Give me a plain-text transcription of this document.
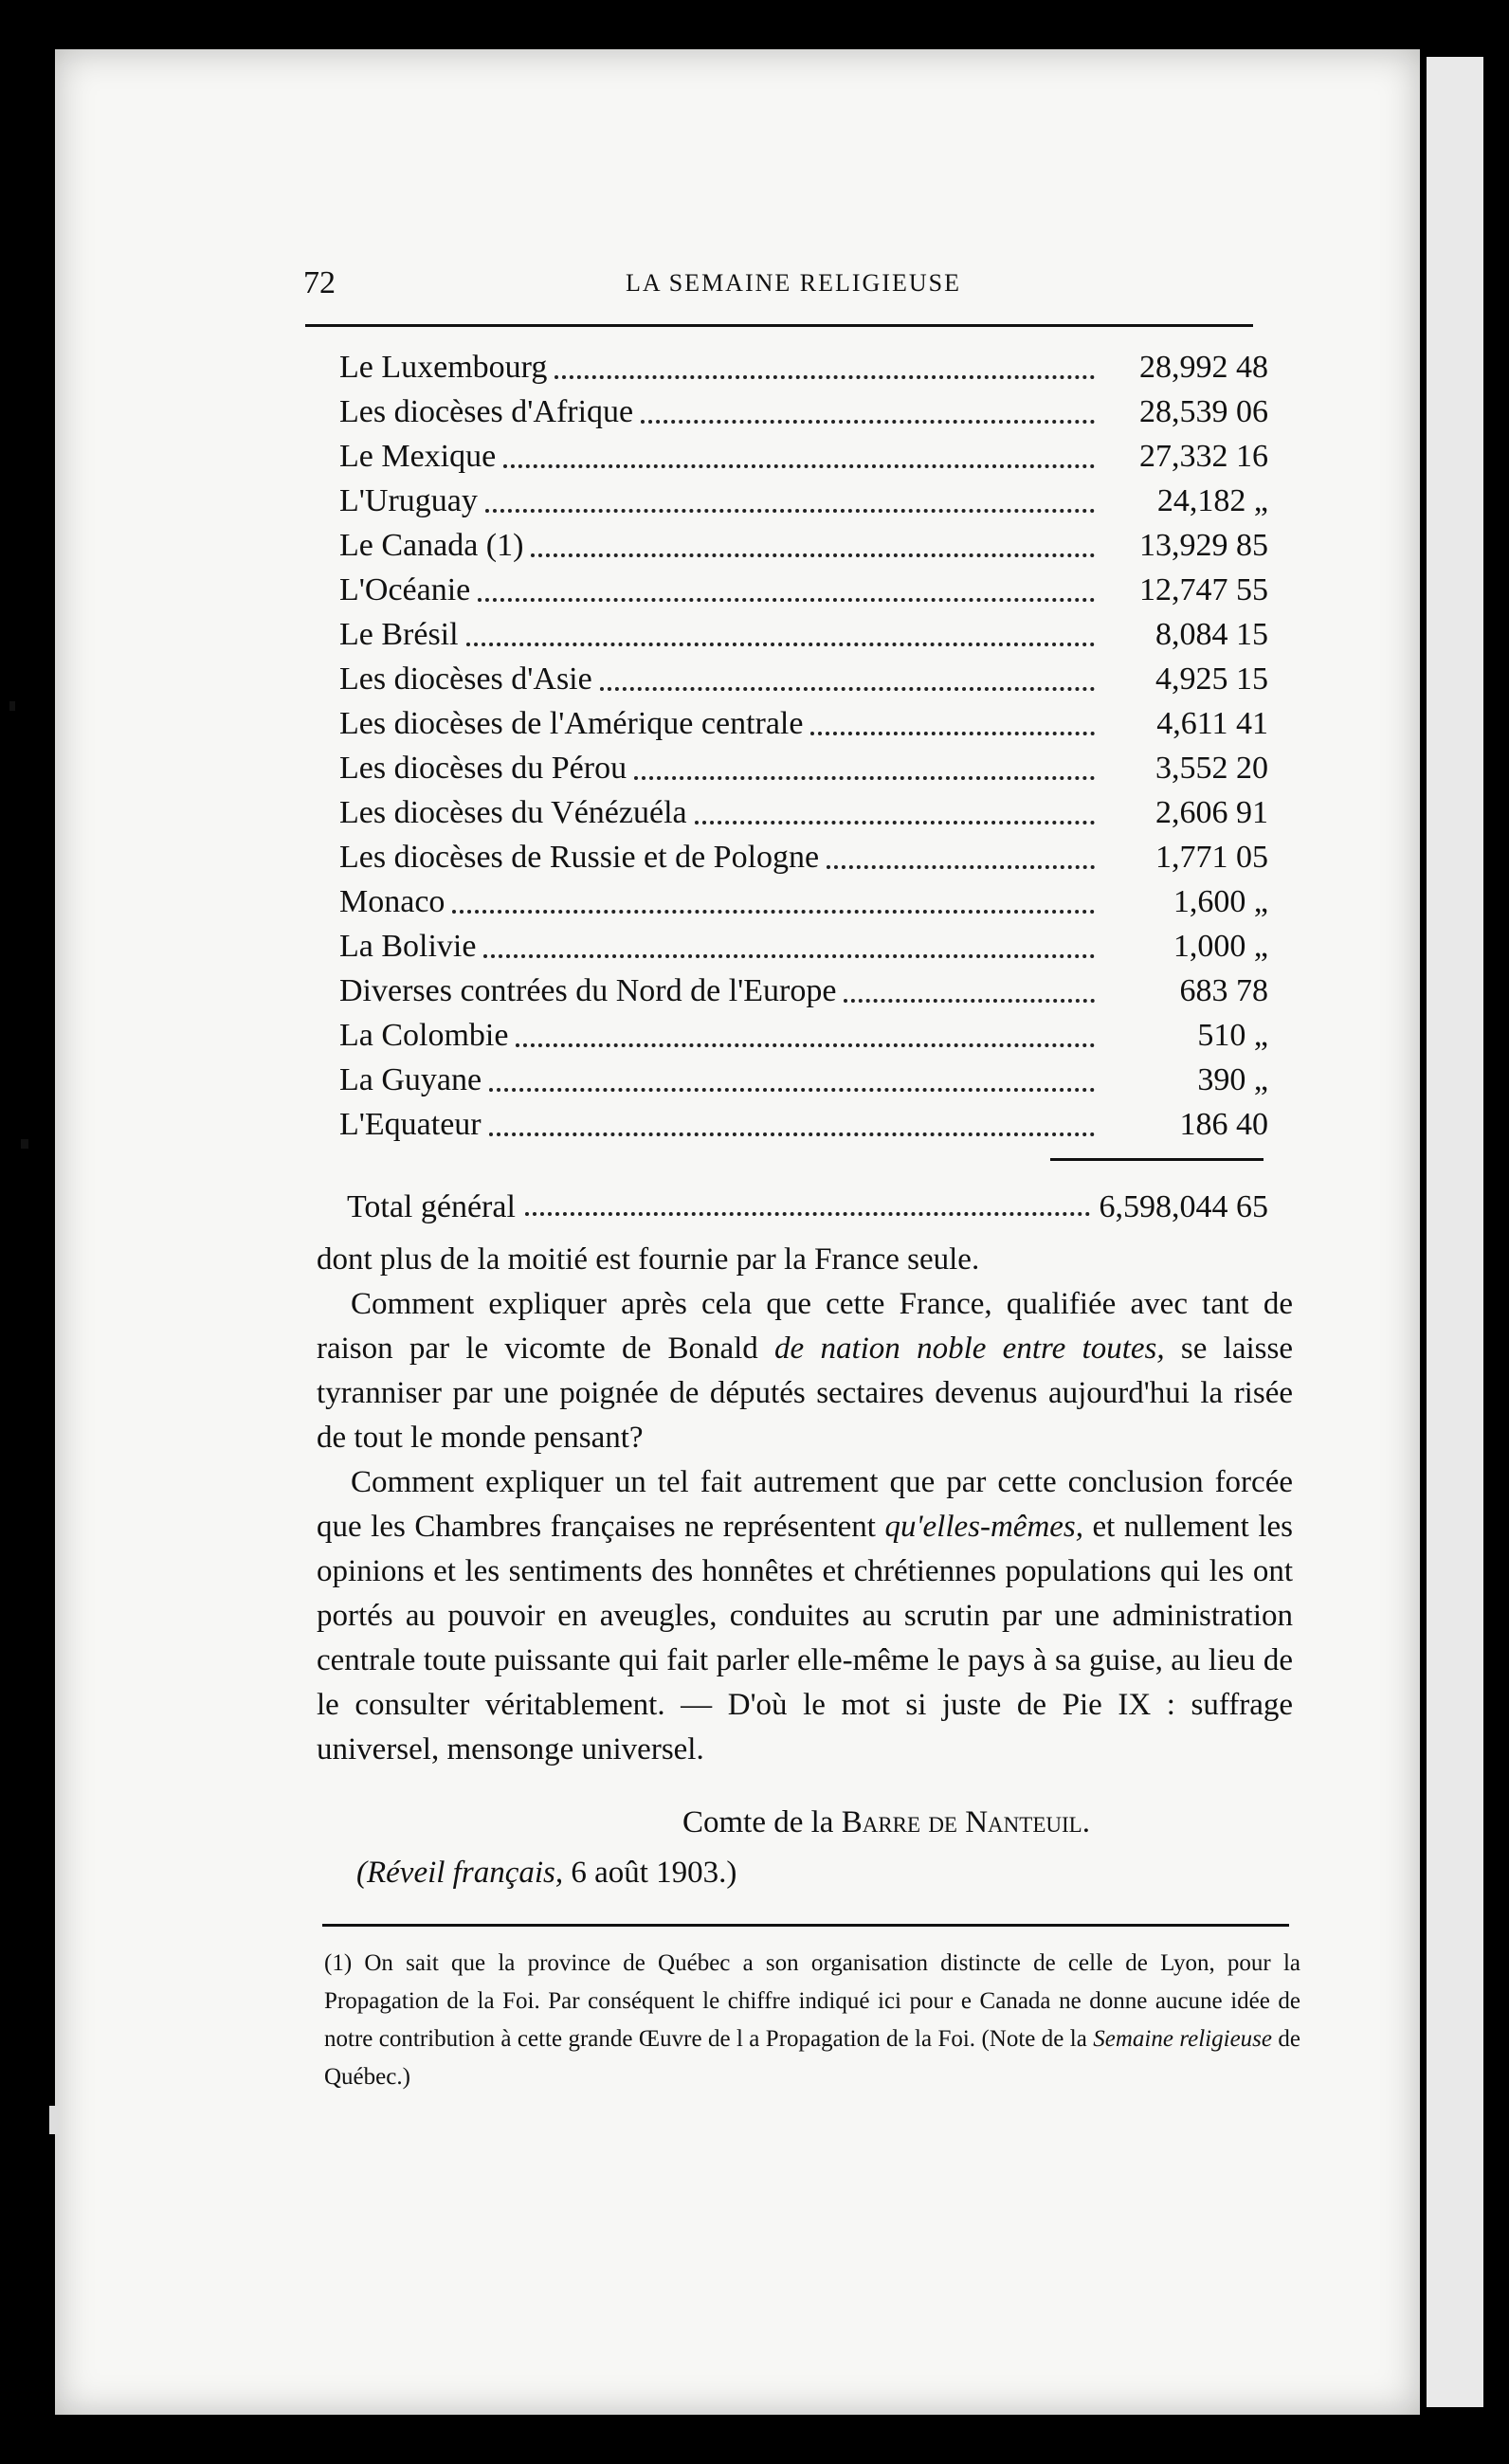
72	LA SEMAINE RELIGIEUSE
Le Luxembourg	28,992 48
Les diocèses d'Afrique	28,539 06
Le Mexique	27,332 16
L'Uruguay	24,182 „
Le Canada (1)	13,929 85
L'Océanie	12,747 55
Le Brésil	8,084 15
Les diocèses d'Asie	4,925 15
Les diocèses de l'Amérique centrale	4,611 41
Les diocèses du Pérou	3,552 20
Les diocèses du Vénézuéla	2,606 91
Les diocèses de Russie et de Pologne	1,771 05
Monaco	1,600 „
La Bolivie	1,000 „
Diverses contrées du Nord de l'Europe	683 78
La Colombie	510 „
La Guyane	390 „
L'Equateur	186 40
Total général	6,598,044 65

dont plus de la moitié est fournie par la France seule.

Comment expliquer après cela que cette France, qualifiée avec tant de raison par le vicomte de Bonald de nation noble entre toutes, se laisse tyranniser par une poignée de députés sectaires devenus aujourd'hui la risée de tout le monde pensant?

Comment expliquer un tel fait autrement que par cette conclusion forcée que les Chambres françaises ne représentent qu'elles-mêmes, et nullement les opinions et les sentiments des honnêtes et chrétiennes populations qui les ont portés au pouvoir en aveugles, conduites au scrutin par une administration centrale toute puissante qui fait parler elle-même le pays à sa guise, au lieu de le consulter véritablement. — D'où le mot si juste de Pie IX : suffrage universel, mensonge universel.

Comte de la Barre de Nanteuil.
(Réveil français, 6 août 1903.)
(1) On sait que la province de Québec a son organisation distincte de celle de Lyon, pour la Propagation de la Foi. Par conséquent le chiffre indiqué ici pour e Canada ne donne aucune idée de notre contribution à cette grande Œuvre de l a Propagation de la Foi. (Note de la Semaine religieuse de Québec.)
